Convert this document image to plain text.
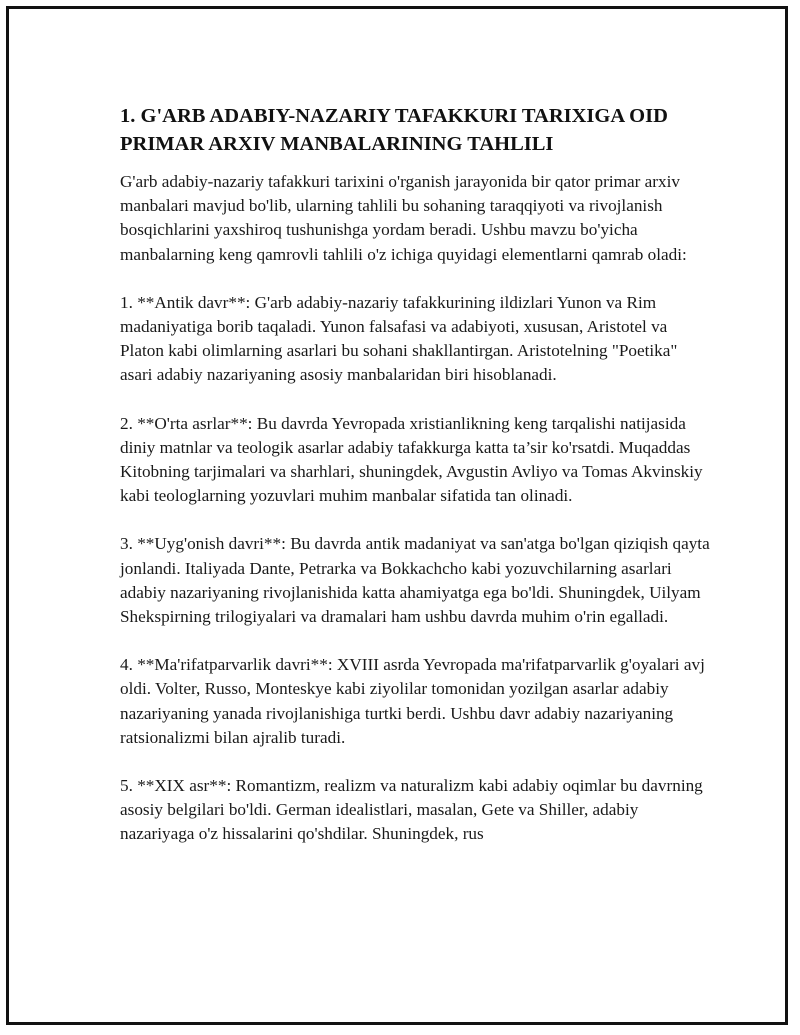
1. G'ARB ADABIY-NAZARIY TAFAKKURI TARIXIGA OID PRIMAR ARXIV MANBALARINING TAHLILI

G'arb adabiy-nazariy tafakkuri tarixini o'rganish jarayonida bir qator primar arxiv manbalari mavjud bo'lib, ularning tahlili bu sohaning taraqqiyoti va rivojlanish bosqichlarini yaxshiroq tushunishga yordam beradi. Ushbu mavzu bo'yicha manbalarning keng qamrovli tahlili o'z ichiga quyidagi elementlarni qamrab oladi:

1. **Antik davr**: G'arb adabiy-nazariy tafakkurining ildizlari Yunon va Rim madaniyatiga borib taqaladi. Yunon falsafasi va adabiyoti, xususan, Aristotel va Platon kabi olimlarning asarlari bu sohani shakllantirgan. Aristotelning "Poetika" asari adabiy nazariyaning asosiy manbalaridan biri hisoblanadi.

2. **O'rta asrlar**: Bu davrda Yevropada xristianlikning keng tarqalishi natijasida diniy matnlar va teologik asarlar adabiy tafakkurga katta ta’sir ko'rsatdi. Muqaddas Kitobning tarjimalari va sharhlari, shuningdek, Avgustin Avliyo va Tomas Akvinskiy kabi teologlarning yozuvlari muhim manbalar sifatida tan olinadi.

3. **Uyg'onish davri**: Bu davrda antik madaniyat va san'atga bo'lgan qiziqish qayta jonlandi. Italiyada Dante, Petrarka va Bokkachcho kabi yozuvchilarning asarlari adabiy nazariyaning rivojlanishida katta ahamiyatga ega bo'ldi. Shuningdek, Uilyam Shekspirning trilogiyalari va dramalari ham ushbu davrda muhim o'rin egalladi.

4. **Ma'rifatparvarlik davri**: XVIII asrda Yevropada ma'rifatparvarlik g'oyalari avj oldi. Volter, Russo, Monteskye kabi ziyolilar tomonidan yozilgan asarlar adabiy nazariyaning yanada rivojlanishiga turtki berdi. Ushbu davr adabiy nazariyaning ratsionalizmi bilan ajralib turadi.

5. **XIX asr**: Romantizm, realizm va naturalizm kabi adabiy oqimlar bu davrning asosiy belgilari bo'ldi. German idealistlari, masalan, Gete va Shiller, adabiy nazariyaga o'z hissalarini qo'shdilar. Shuningdek, rus
